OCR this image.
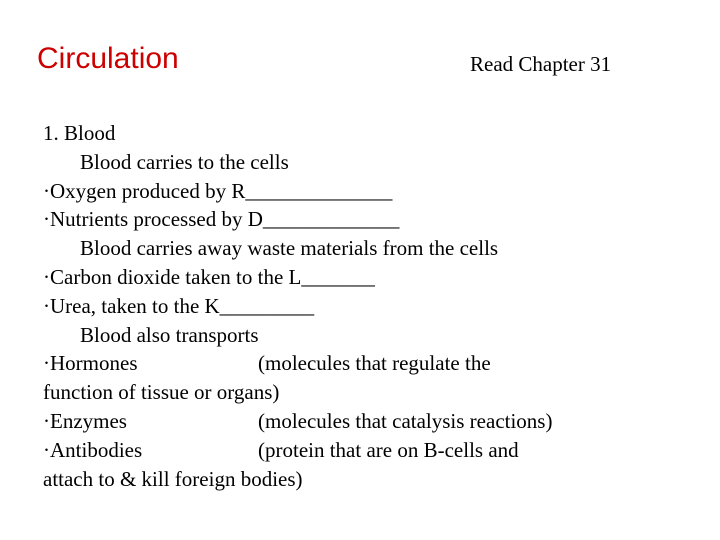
Circulation	Read Chapter 31
1. Blood
Blood carries to the cells
·Oxygen produced by R______________
·Nutrients processed by D_____________
Blood carries away waste materials from the cells
·Carbon dioxide taken to the L_______
·Urea, taken to the K_________
Blood also transports
·Hormones	(molecules that regulate the
function of tissue or organs)
·Enzymes	(molecules that catalysis reactions)
·Antibodies	(protein that are on B-cells and
attach to & kill foreign bodies)
